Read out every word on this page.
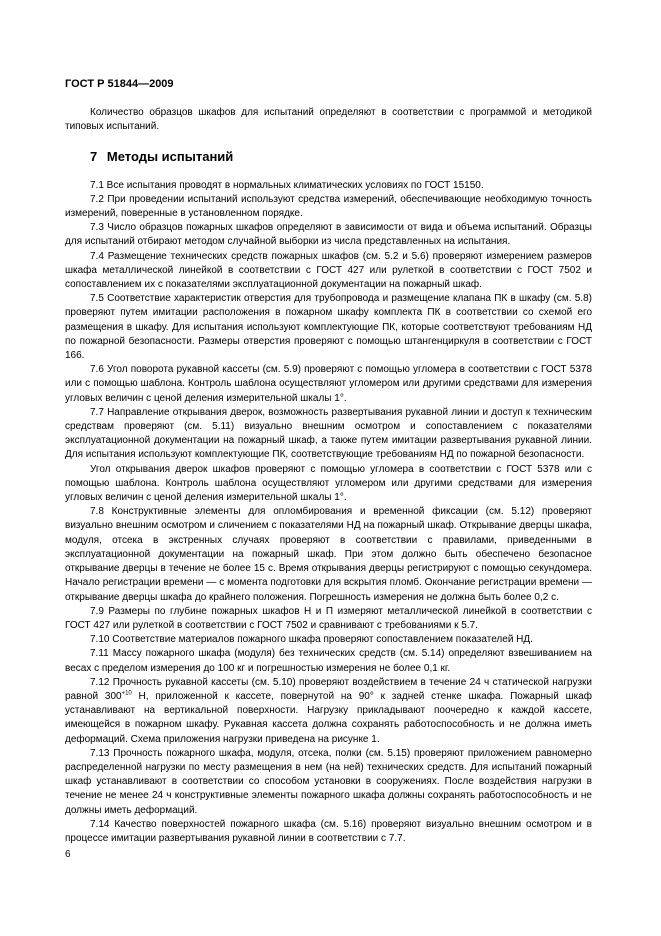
ГОСТ Р 51844—2009

Количество образцов шкафов для испытаний определяют в соответствии с программой и методикой типовых испытаний.

7 Методы испытаний

7.1 Все испытания проводят в нормальных климатических условиях по ГОСТ 15150.

7.2 При проведении испытаний используют средства измерений, обеспечивающие необходимую точность измерений, поверенные в установленном порядке.

7.3 Число образцов пожарных шкафов определяют в зависимости от вида и объема испытаний. Образцы для испытаний отбирают методом случайной выборки из числа представленных на испытания.

7.4 Размещение технических средств пожарных шкафов (см. 5.2 и 5.6) проверяют измерением размеров шкафа металлической линейкой в соответствии с ГОСТ 427 или рулеткой в соответствии с ГОСТ 7502 и сопоставлением их с показателями эксплуатационной документации на пожарный шкаф.

7.5 Соответствие характеристик отверстия для трубопровода и размещение клапана ПК в шкафу (см. 5.8) проверяют путем имитации расположения в пожарном шкафу комплекта ПК в соответствии со схемой его размещения в шкафу. Для испытания используют комплектующие ПК, которые соответствуют требованиям НД по пожарной безопасности. Размеры отверстия проверяют с помощью штангенциркуля в соответствии с ГОСТ 166.

7.6 Угол поворота рукавной кассеты (см. 5.9) проверяют с помощью угломера в соответствии с ГОСТ 5378 или с помощью шаблона. Контроль шаблона осуществляют угломером или другими средствами для измерения угловых величин с ценой деления измерительной шкалы 1°.

7.7 Направление открывания дверок, возможность развертывания рукавной линии и доступ к техническим средствам проверяют (см. 5.11) визуально внешним осмотром и сопоставлением с показателями эксплуатационной документации на пожарный шкаф, а также путем имитации развертывания рукавной линии. Для испытания используют комплектующие ПК, соответствующие требованиям НД по пожарной безопасности.

Угол открывания дверок шкафов проверяют с помощью угломера в соответствии с ГОСТ 5378 или с помощью шаблона. Контроль шаблона осуществляют угломером или другими средствами для измерения угловых величин с ценой деления измерительной шкалы 1°.

7.8 Конструктивные элементы для опломбирования и временной фиксации (см. 5.12) проверяют визуально внешним осмотром и сличением с показателями НД на пожарный шкаф. Открывание дверцы шкафа, модуля, отсека в экстренных случаях проверяют в соответствии с правилами, приведенными в эксплуатационной документации на пожарный шкаф. При этом должно быть обеспечено безопасное открывание дверцы в течение не более 15 с. Время открывания дверцы регистрируют с помощью секундомера. Начало регистрации времени — с момента подготовки для вскрытия пломб. Окончание регистрации времени — открывание дверцы шкафа до крайнего положения. Погрешность измерения не должна быть более 0,2 с.

7.9 Размеры по глубине пожарных шкафов Н и П измеряют металлической линейкой в соответствии с ГОСТ 427 или рулеткой в соответствии с ГОСТ 7502 и сравнивают с требованиями к 5.7.

7.10 Соответствие материалов пожарного шкафа проверяют сопоставлением показателей НД.

7.11 Массу пожарного шкафа (модуля) без технических средств (см. 5.14) определяют взвешиванием на весах с пределом измерения до 100 кг и погрешностью измерения не более 0,1 кг.

7.12 Прочность рукавной кассеты (см. 5.10) проверяют воздействием в течение 24 ч статической нагрузки равной $300^{+10}$ Н, приложенной к кассете, повернутой на 90° к задней стенке шкафа. Пожарный шкаф устанавливают на вертикальной поверхности. Нагрузку прикладывают поочередно к каждой кассете, имеющейся в пожарном шкафу. Рукавная кассета должна сохранять работоспособность и не должна иметь деформаций. Схема приложения нагрузки приведена на рисунке 1.

7.13 Прочность пожарного шкафа, модуля, отсека, полки (см. 5.15) проверяют приложением равномерно распределенной нагрузки по месту размещения в нем (на ней) технических средств. Для испытаний пожарный шкаф устанавливают в соответствии со способом установки в сооружениях. После воздействия нагрузки в течение не менее 24 ч конструктивные элементы пожарного шкафа должны сохранять работоспособность и не должны иметь деформаций.

7.14 Качество поверхностей пожарного шкафа (см. 5.16) проверяют визуально внешним осмотром и в процессе имитации развертывания рукавной линии в соответствии с 7.7.

6
